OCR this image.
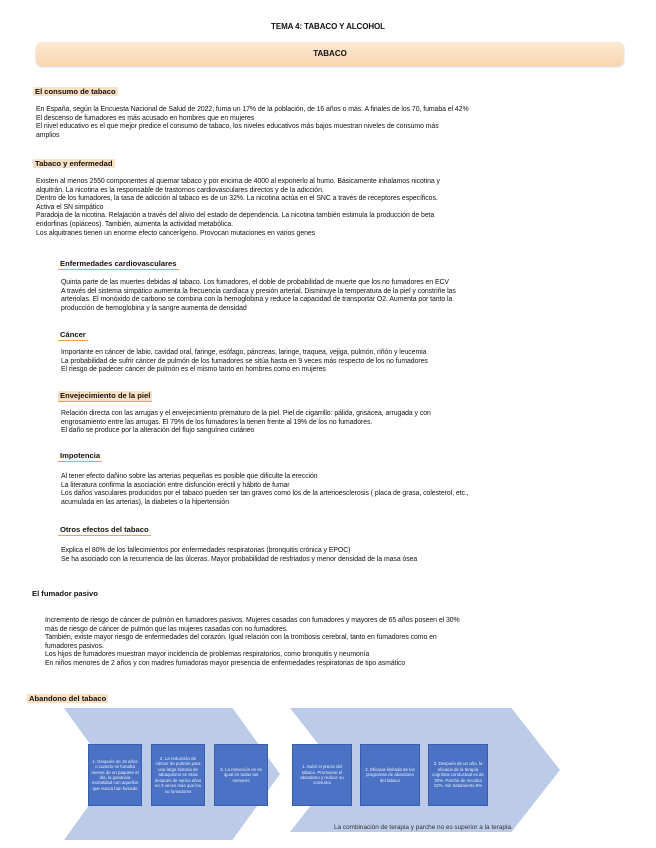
TEMA 4: TABACO Y ALCOHOL
TABACO
El consumo de tabaco
En España, según la Encuesta Nacional de Salud de 2022, fuma un 17% de la población, de 16 años o más. A finales de los 70, fumaba el 42%
El descenso de fumadores es más acusado en hombres que en mujeres
El nivel educativo es el que mejor predice el consumo de tabaco, los niveles educativos más bajos muestran niveles de consumo más
amplios
Tabaco y enfermedad
Existen al menos 2550 componentes al quemar tabaco y por encima de 4000 al exponerlo al humo. Básicamente inhalamos nicotina y
alquitrán. La nicotina es la responsable de trastornos cardiovasculares directos y de la adicción.
Dentro de los fumadores, la tasa de adicción al tabaco es de un 32%. La nicotina actúa en el SNC a través de receptores específicos.
Activa el SN simpático
Paradoja de la nicotina. Relajación a través del alivio del estado de dependencia. La nicotina también estimula la producción de beta
endorfinas (opiáceos). También, aumenta la actividad metabólica.
Los alquitranes tienen un enorme efecto cancerígeno. Provocan mutaciones en varios genes
Enfermedades cardiovasculares
Quinta parte de las muertes debidas al tabaco. Los fumadores, el doble de probabilidad de muerte que los no fumadores en ECV
A través del sistema simpático aumenta la frecuencia cardíaca y presión arterial. Disminuye la temperatura de la piel y constriñe las
arteriolas. El monóxido de carbono se combina con la hemoglobina y reduce la capacidad de transportar O2. Aumenta por tanto la
producción de hemoglobina y la sangre aumenta de densidad
Cáncer
Importante en cáncer de labio, cavidad oral, faringe, esófago, páncreas, laringe, traquea, vejiga, pulmón, riñón y leucemia
La probabilidad de sufrir cáncer de pulmón de los fumadores se sitúa hasta en 9 veces más respecto de los no fumadores
El riesgo de padecer cáncer de pulmón es el mismo tanto en hombres como en mujeres
Envejecimiento de la piel
Relación directa con las arrugas y el envejecimiento prematuro de la piel. Piel de cigarrillo: pálida, grisácea, arrugada y con
engrosamiento entre las arrugas. El 79% de los fumadores la tienen frente al 19% de los no fumadores.
El daño se produce por la alteración del flujo sanguíneo cutáneo
Impotencia
Al tener efecto dañino sobre las arterias pequeñas es posible que dificulte la erección
La literatura confirma la asociación entre disfunción eréctil y hábito de fumar
Los daños vasculares producidos por el tabaco pueden ser tan graves como los de la arterioesclerosis ( placa de grasa, colesterol, etc.,
acumulada en las arterias), la diabetes o la hipertensión
Otros efectos del tabaco
Explica el 80% de los fallecimientos por enfermedades respiratorias (bronquitis crónica y EPOC)
Se ha asociado con la recurrencia de las úlceras. Mayor probabilidad de resfriados y menor densidad de la masa ósea
El fumador pasivo
Incremento de riesgo de cáncer de pulmón en fumadores pasivos. Mujeres casadas con fumadores y mayores de 65 años poseen el 30%
más de riesgo de cáncer de pulmón que las mujeres casadas con no fumadores.
También, existe mayor riesgo de enfermedades del corazón. Igual relación con la trombosis cerebral, tanto en fumadores como en
fumadores pasivos.
Los hijos de fumadores muestran mayor incidencia de problemas respiratorios, como bronquitis y neumonía
En niños menores de 2 años y con madres fumadoras mayor presencia de enfermedades respiratorias de tipo asmático
Abandono del tabaco
1. Después de 16 años o cuando se fumaba menos de un paquete al día, la ganancia mortalidad con aquellos que nunca han fumado
2. La reducción de cáncer de pulmón para una larga historia de tabaquismo se sitúa después de varios años en 3 veces más que los no fumadores
3. La reducción es es igual en todas las menores
1. Subir el precio del tabaco. Promueve el abandono y reduce su consumo
2. Eficacia limitada de los programas de abandono del tabaco
3. Después de un año, la eficacia de la terapia cognitiva conductual es de 30%. Parche de nicotina 22%. Sin tratamiento 8%
La combinación de terapia y parche no es superior a la terapia.
